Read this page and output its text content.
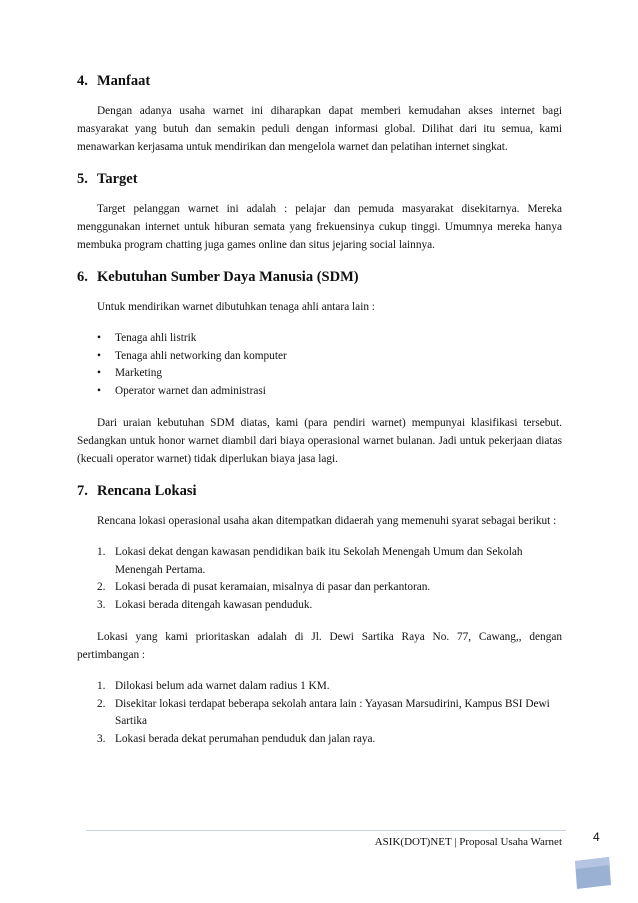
4. Manfaat

Dengan adanya usaha warnet ini diharapkan dapat memberi kemudahan akses internet bagi masyarakat yang butuh dan semakin peduli dengan informasi global. Dilihat dari itu semua, kami menawarkan kerjasama untuk mendirikan dan mengelola warnet dan pelatihan internet singkat.

5. Target

Target pelanggan warnet ini adalah : pelajar dan pemuda masyarakat disekitarnya. Mereka menggunakan internet untuk hiburan semata yang frekuensinya cukup tinggi. Umumnya mereka hanya membuka program chatting juga games online dan situs jejaring social lainnya.

6. Kebutuhan Sumber Daya Manusia (SDM)

Untuk mendirikan warnet dibutuhkan tenaga ahli antara lain :

• Tenaga ahli listrik
• Tenaga ahli networking dan komputer
• Marketing
• Operator warnet dan administrasi

Dari uraian kebutuhan SDM diatas, kami (para pendiri warnet) mempunyai klasifikasi tersebut. Sedangkan untuk honor warnet diambil dari biaya operasional warnet bulanan. Jadi untuk pekerjaan diatas (kecuali operator warnet) tidak diperlukan biaya jasa lagi.

7. Rencana Lokasi

Rencana lokasi operasional usaha akan ditempatkan didaerah yang memenuhi syarat sebagai berikut :

1. Lokasi dekat dengan kawasan pendidikan baik itu Sekolah Menengah Umum dan Sekolah Menengah Pertama.
2. Lokasi berada di pusat keramaian, misalnya di pasar dan perkantoran.
3. Lokasi berada ditengah kawasan penduduk.

Lokasi yang kami prioritaskan adalah di Jl. Dewi Sartika Raya No. 77, Cawang,, dengan pertimbangan :

1. Dilokasi belum ada warnet dalam radius 1 KM.
2. Disekitar lokasi terdapat beberapa sekolah antara lain : Yayasan Marsudirini, Kampus BSI Dewi Sartika
3. Lokasi berada dekat perumahan penduduk dan jalan raya.
ASIK(DOT)NET | Proposal Usaha Warnet	4
